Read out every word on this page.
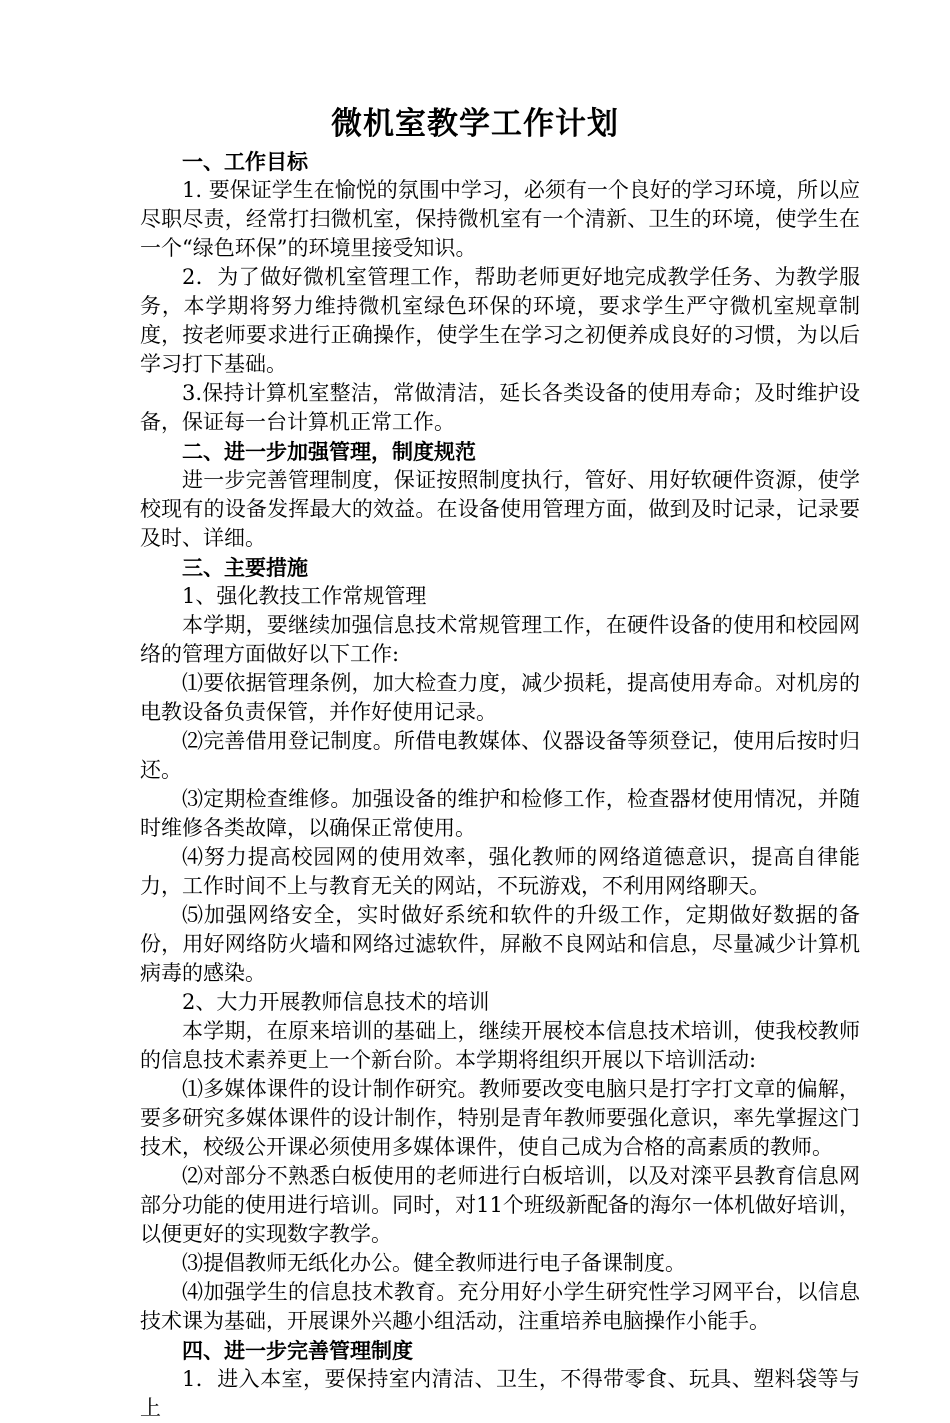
微机室教学工作计划

一、工作目标

1. 要保证学生在愉悦的氛围中学习，必须有一个良好的学习环境，所以应尽职尽责，经常打扫微机室，保持微机室有一个清新、卫生的环境，使学生在一个“绿色环保”的环境里接受知识。

2．为了做好微机室管理工作，帮助老师更好地完成教学任务、为教学服务，本学期将努力维持微机室绿色环保的环境，要求学生严守微机室规章制度，按老师要求进行正确操作，使学生在学习之初便养成良好的习惯，为以后学习打下基础。

3.保持计算机室整洁，常做清洁，延长各类设备的使用寿命；及时维护设备，保证每一台计算机正常工作。

二、进一步加强管理，制度规范

进一步完善管理制度，保证按照制度执行，管好、用好软硬件资源，使学校现有的设备发挥最大的效益。在设备使用管理方面，做到及时记录，记录要及时、详细。

三、主要措施

1、强化教技工作常规管理

本学期，要继续加强信息技术常规管理工作，在硬件设备的使用和校园网络的管理方面做好以下工作:

⑴要依据管理条例，加大检查力度，减少损耗，提高使用寿命。对机房的电教设备负责保管，并作好使用记录。

⑵完善借用登记制度。所借电教媒体、仪器设备等须登记，使用后按时归还。

⑶定期检查维修。加强设备的维护和检修工作，检查器材使用情况，并随时维修各类故障，以确保正常使用。

⑷努力提高校园网的使用效率，强化教师的网络道德意识，提高自律能力，工作时间不上与教育无关的网站，不玩游戏，不利用网络聊天。

⑸加强网络安全，实时做好系统和软件的升级工作，定期做好数据的备份，用好网络防火墙和网络过滤软件，屏敝不良网站和信息，尽量减少计算机病毒的感染。

2、大力开展教师信息技术的培训

本学期，在原来培训的基础上，继续开展校本信息技术培训，使我校教师的信息技术素养更上一个新台阶。本学期将组织开展以下培训活动:

⑴多媒体课件的设计制作研究。教师要改变电脑只是打字打文章的偏解，要多研究多媒体课件的设计制作，特别是青年教师要强化意识，率先掌握这门技术，校级公开课必须使用多媒体课件，使自己成为合格的高素质的教师。

⑵对部分不熟悉白板使用的老师进行白板培训，以及对滦平县教育信息网部分功能的使用进行培训。同时，对11个班级新配备的海尔一体机做好培训，以便更好的实现数字教学。

⑶提倡教师无纸化办公。健全教师进行电子备课制度。

⑷加强学生的信息技术教育。充分用好小学生研究性学习网平台，以信息技术课为基础，开展课外兴趣小组活动，注重培养电脑操作小能手。

四、进一步完善管理制度

1．进入本室，要保持室内清洁、卫生，不得带零食、玩具、塑料袋等与上
